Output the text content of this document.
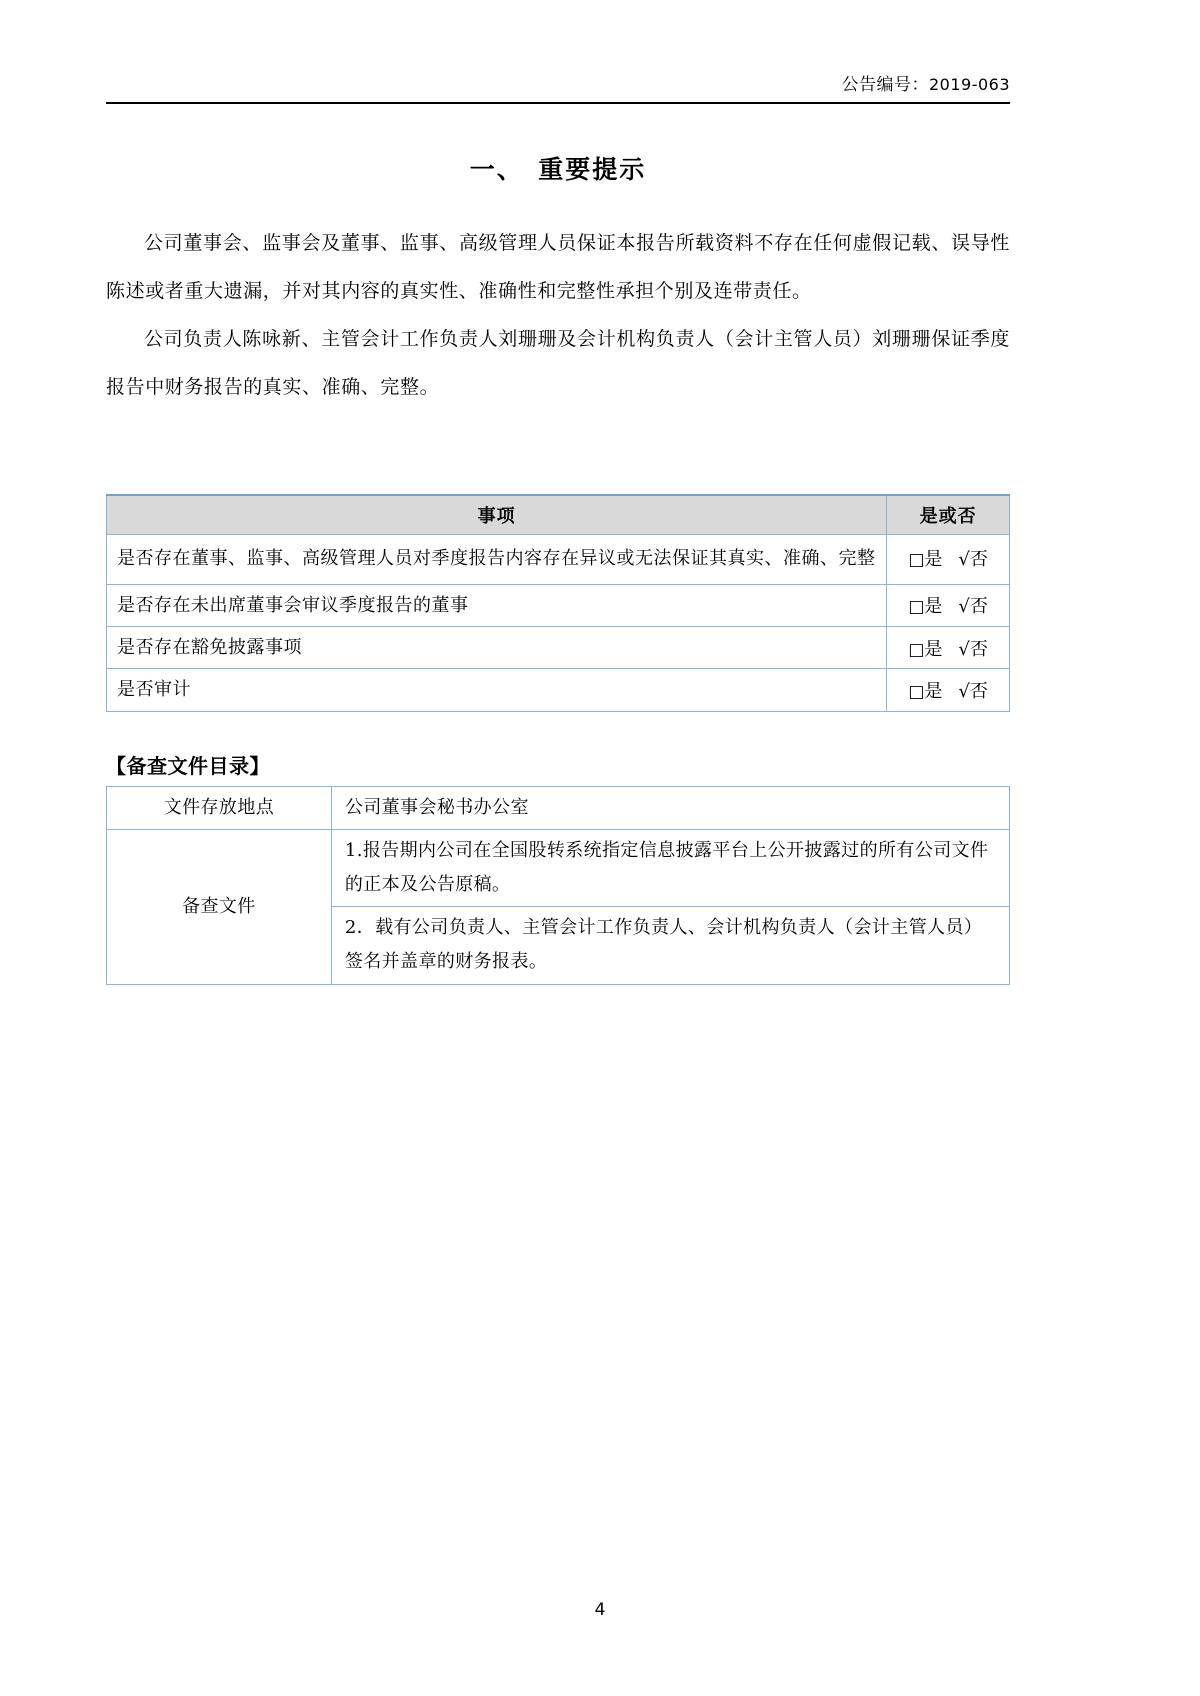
公告编号：2019-063
一、　重要提示

公司董事会、监事会及董事、监事、高级管理人员保证本报告所载资料不存在任何虚假记载、误导性陈述或者重大遗漏，并对其内容的真实性、准确性和完整性承担个别及连带责任。

公司负责人陈咏新、主管会计工作负责人刘珊珊及会计机构负责人（会计主管人员）刘珊珊保证季度报告中财务报告的真实、准确、完整。

事项	是或否
是否存在董事、监事、高级管理人员对季度报告内容存在异议或无法保证其真实、准确、完整	□是 √否
是否存在未出席董事会审议季度报告的董事	□是 √否
是否存在豁免披露事项	□是 √否
是否审计	□是 √否
【备查文件目录】
文件存放地点	公司董事会秘书办公室
备查文件	1.报告期内公司在全国股转系统指定信息披露平台上公开披露过的所有公司文件的正本及公告原稿。
	2．载有公司负责人、主管会计工作负责人、会计机构负责人（会计主管人员）签名并盖章的财务报表。
4
